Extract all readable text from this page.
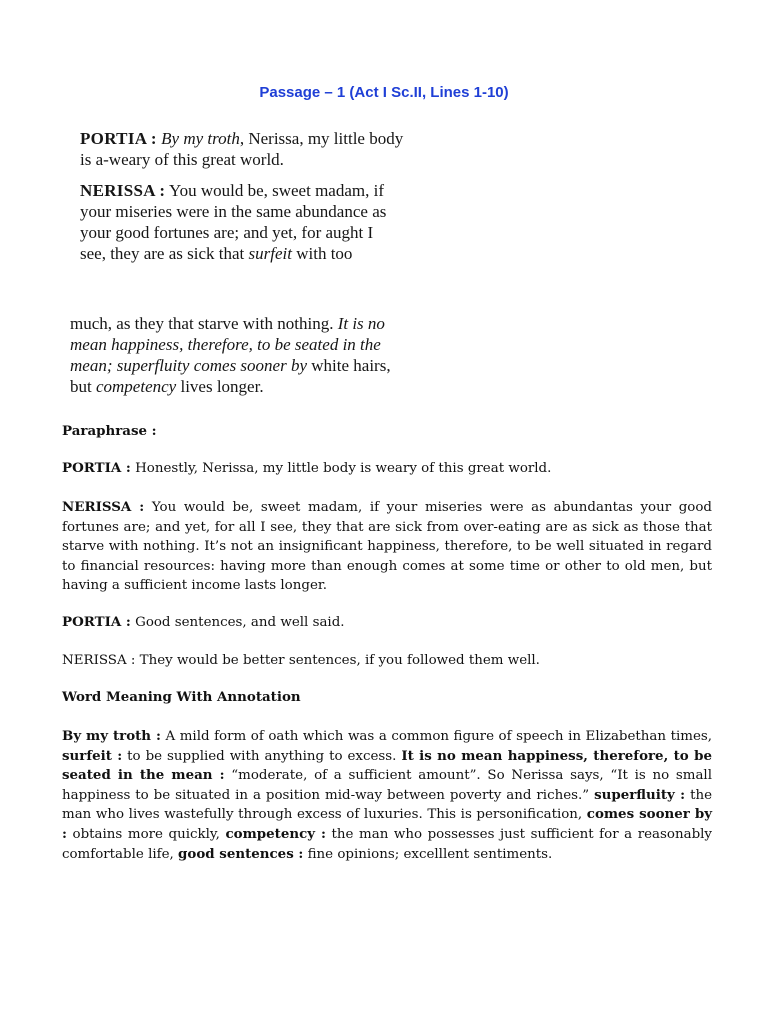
Passage – 1 (Act I Sc.II, Lines 1-10)

PORTIA : By my troth, Nerissa, my little body
is a-weary of this great world.

NERISSA : You would be, sweet madam, if
your miseries were in the same abundance as
your good fortunes are; and yet, for aught I
see, they are as sick that surfeit with too

much, as they that starve with nothing. It is no
mean happiness, therefore, to be seated in the
mean; superfluity comes sooner by white hairs,
but competency lives longer.

Paraphrase :
PORTIA : Honestly, Nerissa, my little body is weary of this great world.
NERISSA : You would be, sweet madam, if your miseries were as abundantas your good fortunes are; and yet, for all I see, they that are sick from over-eating are as sick as those that starve with nothing. It’s not an insignificant happiness, therefore, to be well situated in regard to financial resources: having more than enough comes at some time or other to old men, but having a sufficient income lasts longer.
PORTIA : Good sentences, and well said.
NERISSA : They would be better sentences, if you followed them well.
Word Meaning With Annotation
By my troth : A mild form of oath which was a common figure of speech in Elizabethan times, surfeit : to be supplied with anything to excess. It is no mean happiness, therefore, to be seated in the mean : “moderate, of a sufficient amount”. So Nerissa says, “It is no small happiness to be situated in a position mid-way between poverty and riches.” superfluity : the man who lives wastefully through excess of luxuries. This is personification, comes sooner by : obtains more quickly, competency : the man who possesses just sufficient for a reasonably comfortable life, good sentences : fine opinions; excelllent sentiments.
